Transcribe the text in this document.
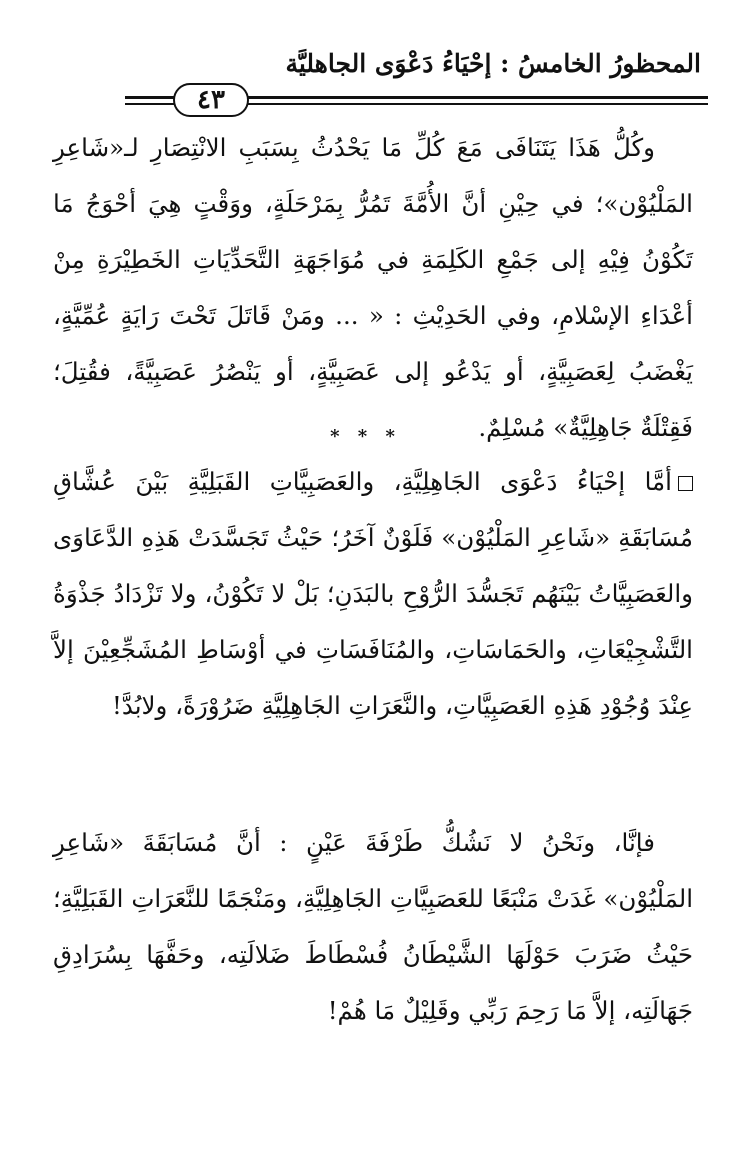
المحظورُ الخامسُ : إحْيَاءُ دَعْوَى الجاهليَّة
٤٣

وكُلُّ هَذَا يَتَنَافَى مَعَ كُلِّ مَا يَحْدُثُ بِسَبَبِ الانْتِصَارِ لـ«شَاعِرِ المَلْيُوْن»؛ في حِيْنِ أنَّ الأُمَّةَ تَمُرُّ بِمَرْحَلَةٍ، ووَقْتٍ هِيَ أحْوَجُ مَا تَكُوْنُ فِيْهِ إلى جَمْعِ الكَلِمَةِ في مُوَاجَهَةِ التَّحَدِّيَاتِ الخَطِيْرَةِ مِنْ أعْدَاءِ الإسْلامِ، وفي الحَدِيْثِ : « ... ومَنْ قَاتَلَ تَحْتَ رَايَةٍ عُمِّيَّةٍ، يَغْضَبُ لِعَصَبِيَّةٍ، أو يَدْعُو إلى عَصَبِيَّةٍ، أو يَنْصُرُ عَصَبِيَّةً، فقُتِلَ؛ فَقِتْلَةٌ جَاهِلِيَّةٌ» مُسْلِمٌ.

* * *

أمَّا إحْيَاءُ دَعْوَى الجَاهِلِيَّةِ، والعَصَبِيَّاتِ القَبَلِيَّةِ بَيْنَ عُشَّاقِ مُسَابَقَةِ «شَاعِرِ المَلْيُوْن» فَلَوْنٌ آخَرُ؛ حَيْثُ تَجَسَّدَتْ هَذِهِ الدَّعَاوَى والعَصَبِيَّاتُ بَيْنَهُم تَجَسُّدَ الرُّوْحِ بالبَدَنِ؛ بَلْ لا تَكُوْنُ، ولا تَزْدَادُ جَذْوَةُ التَّشْجِيْعَاتِ، والحَمَاسَاتِ، والمُنَافَسَاتِ في أوْسَاطِ المُشَجِّعِيْنَ إلاَّ عِنْدَ وُجُوْدِ هَذِهِ العَصَبِيَّاتِ، والنَّعَرَاتِ الجَاهِلِيَّةِ ضَرُوْرَةً، ولابُدَّ!

فإنَّا، ونَحْنُ لا نَشُكُّ طَرْفَةَ عَيْنٍ : أنَّ مُسَابَقَةَ «شَاعِرِ المَلْيُوْن» غَدَتْ مَنْبَعًا للعَصَبِيَّاتِ الجَاهِلِيَّةِ، ومَنْجَمًا للنَّعَرَاتِ القَبَلِيَّةِ؛ حَيْثُ ضَرَبَ حَوْلَهَا الشَّيْطَانُ فُسْطَاطَ ضَلالَتِه، وحَفَّهَا بِسُرَادِقِ جَهَالَتِه، إلاَّ مَا رَحِمَ رَبِّي وقَلِيْلٌ مَا هُمْ!
